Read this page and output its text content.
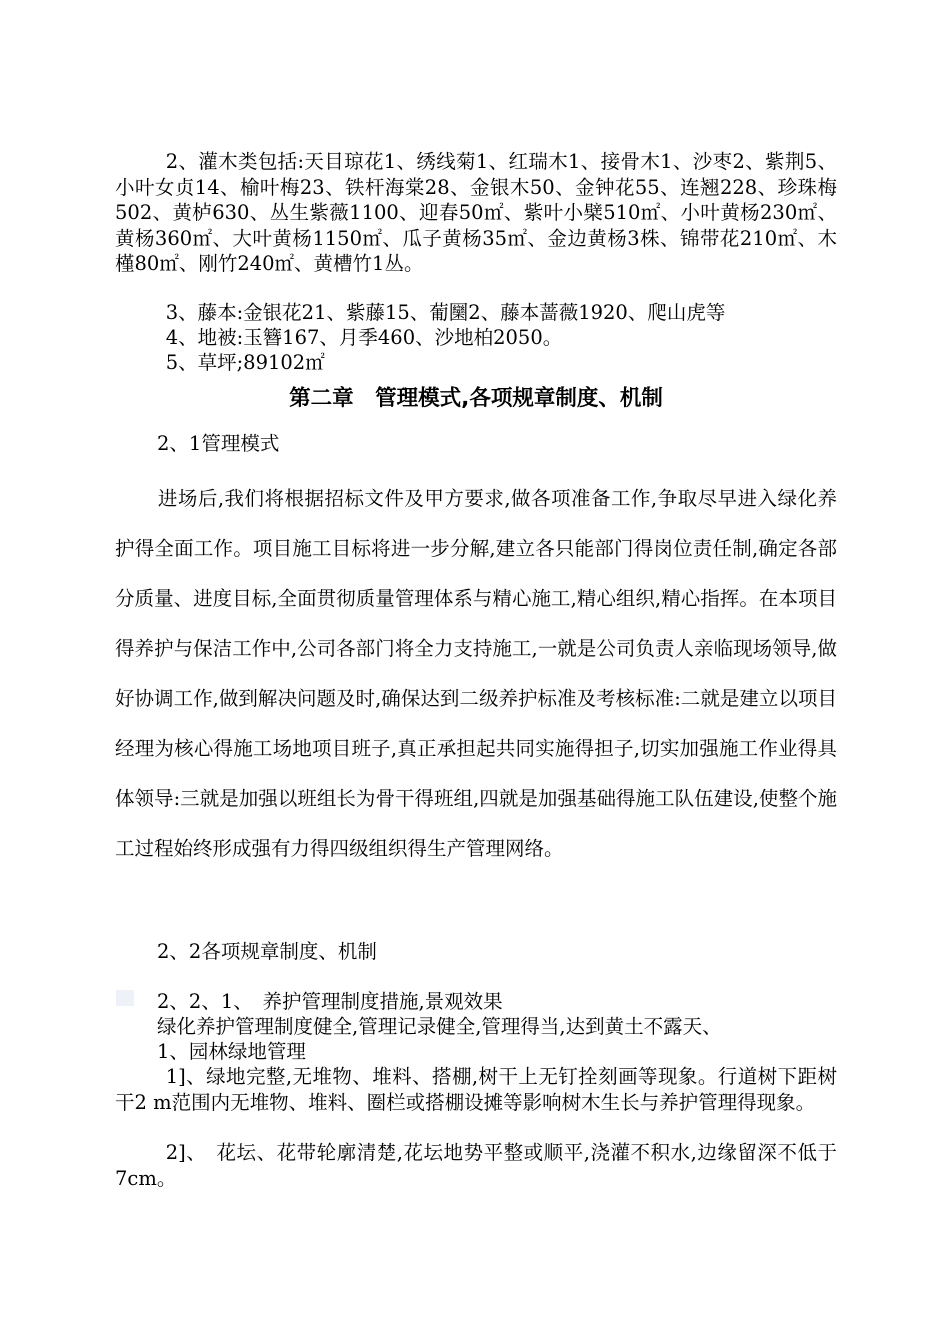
2、灌木类包括:天目琼花1、绣线菊1、红瑞木1、接骨木1、沙枣2、紫荆5、小叶女贞14、榆叶梅23、铁杆海棠28、金银木50、金钟花55、连翘228、珍珠梅502、黄栌630、丛生紫薇1100、迎春50㎡、紫叶小檗510㎡、小叶黄杨230㎡、黄杨360㎡、大叶黄杨1150㎡、瓜子黄杨35㎡、金边黄杨3株、锦带花210㎡、木槿80㎡、刚竹240㎡、黄槽竹1丛。

3、藤本:金银花21、紫藤15、葡圞2、藤本蔷薇1920、爬山虎等

4、地被:玉簪167、月季460、沙地柏2050。

5、草坪;89102㎡

第二章　管理模式,各项规章制度、机制

2、1管理模式

进场后,我们将根据招标文件及甲方要求,做各项准备工作,争取尽早进入绿化养护得全面工作。项目施工目标将进一步分解,建立各只能部门得岗位责任制,确定各部分质量、进度目标,全面贯彻质量管理体系与精心施工,精心组织,精心指挥。在本项目得养护与保洁工作中,公司各部门将全力支持施工,一就是公司负责人亲临现场领导,做好协调工作,做到解决问题及时,确保达到二级养护标准及考核标准:二就是建立以项目经理为核心得施工场地项目班子,真正承担起共同实施得担子,切实加强施工作业得具体领导:三就是加强以班组长为骨干得班组,四就是加强基础得施工队伍建设,使整个施工过程始终形成强有力得四级组织得生产管理网络。

2、2各项规章制度、机制

2、2、1、　养护管理制度措施,景观效果

绿化养护管理制度健全,管理记录健全,管理得当,达到黄土不露天、

1、园林绿地管理

1]、绿地完整,无堆物、堆料、搭棚,树干上无钉拴刻画等现象。行道树下距树干2 m范围内无堆物、堆料、圈栏或搭棚设摊等影响树木生长与养护管理得现象。

2]、　花坛、花带轮廓清楚,花坛地势平整或顺平,浇灌不积水,边缘留深不低于7cm。
